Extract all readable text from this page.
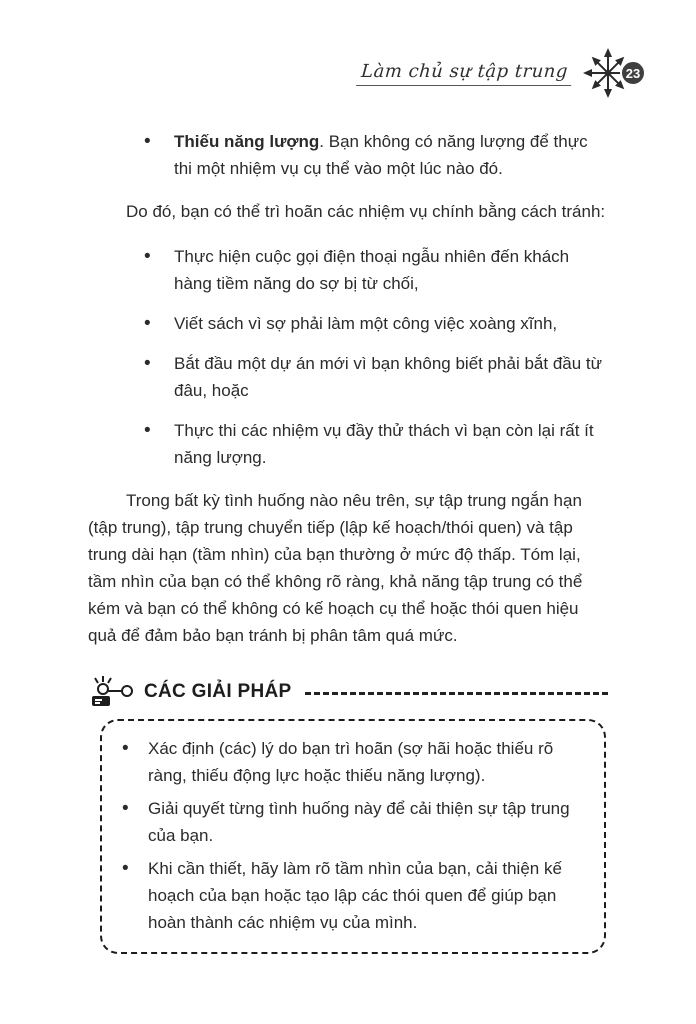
Làm chủ sự tập trung	23
•	Thiếu năng lượng. Bạn không có năng lượng để thực thi một nhiệm vụ cụ thể vào một lúc nào đó.

Do đó, bạn có thể trì hoãn các nhiệm vụ chính bằng cách tránh:

•	Thực hiện cuộc gọi điện thoại ngẫu nhiên đến khách hàng tiềm năng do sợ bị từ chối,
•	Viết sách vì sợ phải làm một công việc xoàng xĩnh,
•	Bắt đầu một dự án mới vì bạn không biết phải bắt đầu từ đâu, hoặc
•	Thực thi các nhiệm vụ đầy thử thách vì bạn còn lại rất ít năng lượng.

Trong bất kỳ tình huống nào nêu trên, sự tập trung ngắn hạn (tập trung), tập trung chuyển tiếp (lập kế hoạch/thói quen) và tập trung dài hạn (tầm nhìn) của bạn thường ở mức độ thấp. Tóm lại, tầm nhìn của bạn có thể không rõ ràng, khả năng tập trung có thể kém và bạn có thể không có kế hoạch cụ thể hoặc thói quen hiệu quả để đảm bảo bạn tránh bị phân tâm quá mức.

CÁC GIẢI PHÁP
•	Xác định (các) lý do bạn trì hoãn (sợ hãi hoặc thiếu rõ ràng, thiếu động lực hoặc thiếu năng lượng).
•	Giải quyết từng tình huống này để cải thiện sự tập trung của bạn.
•	Khi cần thiết, hãy làm rõ tầm nhìn của bạn, cải thiện kế hoạch của bạn hoặc tạo lập các thói quen để giúp bạn hoàn thành các nhiệm vụ của mình.
